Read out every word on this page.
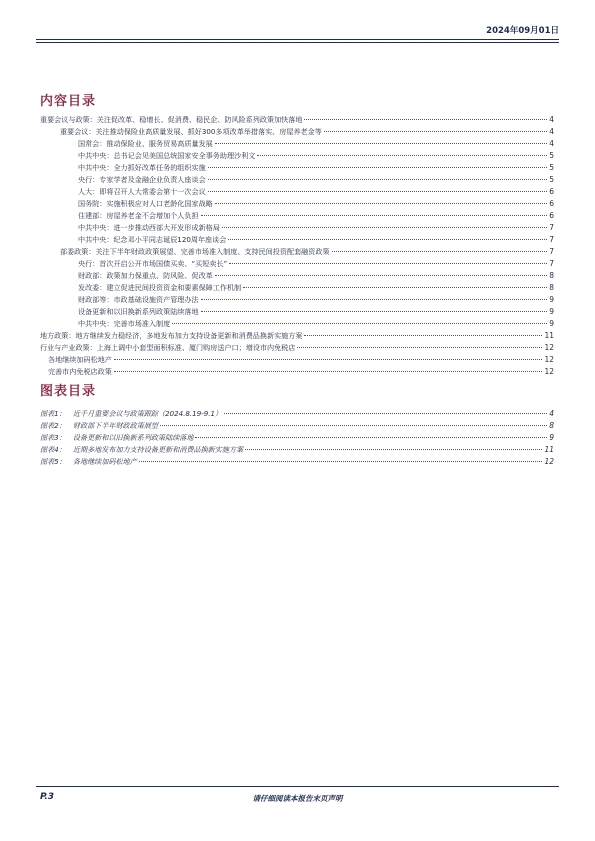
2024年09月01日
内容目录
重要会议与政策：关注促改革、稳增长、促消费、稳民企、防风险系列政策加快落地	4
重要会议：关注推动保险业高质量发展、抓好300多项改革举措落实、房屋养老金等	4
国常会：推动保险业、服务贸易高质量发展	4
中共中央：总书记会见美国总统国家安全事务助理沙利文	5
中共中央：全力抓好改革任务的组织实施	5
央行：专家学者及金融企业负责人座谈会	5
人大：即将召开人大常委会第十一次会议	6
国务院：实施积极应对人口老龄化国家战略	6
住建部：房屋养老金不会增加个人负担	6
中共中央：进一步推动西部大开发形成新格局	7
中共中央：纪念邓小平同志诞辰120周年座谈会	7
部委政策：关注下半年财政政策展望、完善市场准入制度、支持民间投资配套融资政策	7
央行：首次开启公开市场国债买卖、“买短卖长”	7
财政部：政策加力保重点、防风险、促改革	8
发改委：建立促进民间投资资金和要素保障工作机制	8
财政部等：市政基础设施资产管理办法	9
设备更新和以旧换新系列政策陆续落地	9
中共中央：完善市场准入制度	9
地方政策：地方继续发力稳经济，多地发布加力支持设备更新和消费品换新实施方案	11
行业与产业政策：上海上调中小套型面积标准、厦门购房送户口；增设市内免税店	12
各地继续加码松地产	12
完善市内免税店政策	12
图表目录
图表1：　近千月重要会议与政策跟踪（2024.8.19-9.1）	4
图表2：　财政部下半年财政政策展望	8
图表3：　设备更新和以旧换新系列政策陆续落地	9
图表4：　近期多地发布加力支持设备更新和消费品换新实施方案	11
图表5：　各地继续加码松地产	12
P.3	请仔细阅读本报告末页声明
